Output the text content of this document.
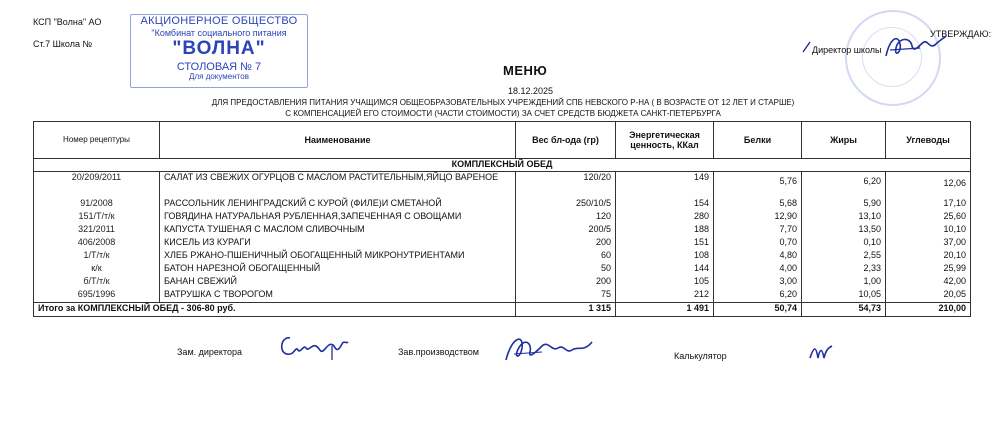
КСП "Волна" АО
Ст.7 Школа №
АКЦИОНЕРНОЕ ОБЩЕСТВО
"Комбинат социального питания
"ВОЛНА"
СТОЛОВАЯ № 7
Для документов
УТВЕРЖДАЮ:
Директор школы
МЕНЮ
18.12.2025
ДЛЯ ПРЕДОСТАВЛЕНИЯ ПИТАНИЯ УЧАЩИМСЯ ОБЩЕОБРАЗОВАТЕЛЬНЫХ УЧРЕЖДЕНИЙ СПБ НЕВСКОГО Р-НА ( В ВОЗРАСТЕ ОТ 12 ЛЕТ И СТАРШЕ)
С КОМПЕНСАЦИЕЙ ЕГО СТОИМОСТИ (ЧАСТИ СТОИМОСТИ) ЗА СЧЕТ СРЕДСТВ БЮДЖЕТА САНКТ-ПЕТЕРБУРГА
Номер рецептуры	Наименование	Вес бл-ода (гр)	Энергетическая ценность, ККал	Белки	Жиры	Углеводы
КОМПЛЕКСНЫЙ ОБЕД						
20/209/2011	САЛАТ ИЗ СВЕЖИХ ОГУРЦОВ С МАСЛОМ РАСТИТЕЛЬНЫМ,ЯЙЦО ВАРЕНОЕ	120/20	149	5,76	6,20	12,06
91/2008	РАССОЛЬНИК ЛЕНИНГРАДСКИЙ С КУРОЙ (ФИЛЕ)И СМЕТАНОЙ	250/10/5	154	5,68	5,90	17,10
151/Т/т/к	ГОВЯДИНА НАТУРАЛЬНАЯ РУБЛЕННАЯ,ЗАПЕЧЕННАЯ С ОВОЩАМИ	120	280	12,90	13,10	25,60
321/2011	КАПУСТА ТУШЕНАЯ С МАСЛОМ СЛИВОЧНЫМ	200/5	188	7,70	13,50	10,10
406/2008	КИСЕЛЬ ИЗ КУРАГИ	200	151	0,70	0,10	37,00
1/Т/т/к	ХЛЕБ РЖАНО-ПШЕНИЧНЫЙ ОБОГАЩЕННЫЙ МИКРОНУТРИЕНТАМИ	60	108	4,80	2,55	20,10
к/к	БАТОН НАРЕЗНОЙ ОБОГАЩЕННЫЙ	50	144	4,00	2,33	25,99
б/Т/т/к	БАНАН СВЕЖИЙ	200	105	3,00	1,00	42,00
695/1996	ВАТРУШКА С ТВОРОГОМ	75	212	6,20	10,05	20,05
Итого за КОМПЛЕКСНЫЙ ОБЕД - 306-80 руб.		1 315	1 491	50,74	54,73	210,00
Зам. директора	Зав.производством	Калькулятор
